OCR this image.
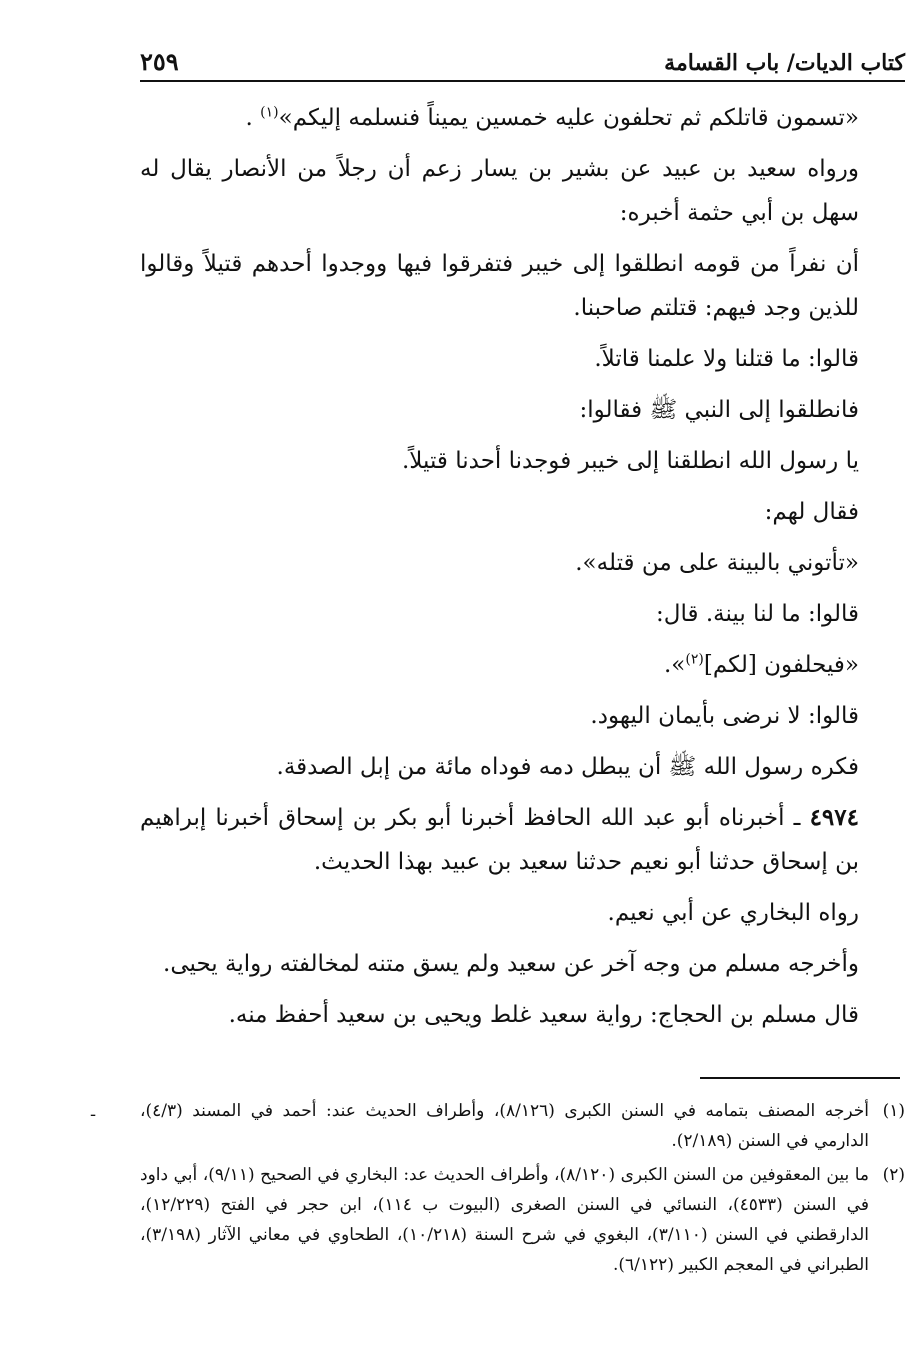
كتاب الديات/ باب القسامة
٢٥٩

«تسمون قاتلكم ثم تحلفون عليه خمسين يميناً فنسلمه إليكم»$^{(١)}$ .

ورواه سعيد بن عبيد عن بشير بن يسار زعم أن رجلاً من الأنصار يقال له سهل بن أبي حثمة أخبره:

أن نفراً من قومه انطلقوا إلى خيبر فتفرقوا فيها ووجدوا أحدهم قتيلاً وقالوا للذين وجد فيهم: قتلتم صاحبنا.

قالوا: ما قتلنا ولا علمنا قاتلاً.

فانطلقوا إلى النبي ﷺ فقالوا:

يا رسول الله انطلقنا إلى خيبر فوجدنا أحدنا قتيلاً.

فقال لهم:

«تأتوني بالبينة على من قتله».

قالوا: ما لنا بينة. قال:

«فيحلفون [لكم]$^{(٢)}$».

قالوا: لا نرضى بأيمان اليهود.

فكره رسول الله ﷺ أن يبطل دمه فوداه مائة من إبل الصدقة.

٤٩٧٤ ـ أخبرناه أبو عبد الله الحافظ أخبرنا أبو بكر بن إسحاق أخبرنا إبراهيم بن إسحاق حدثنا أبو نعيم حدثنا سعيد بن عبيد بهذا الحديث.

رواه البخاري عن أبي نعيم.

وأخرجه مسلم من وجه آخر عن سعيد ولم يسق متنه لمخالفته رواية يحيى.

قال مسلم بن الحجاج: رواية سعيد غلط ويحيى بن سعيد أحفظ منه.

-	(١)أخرجه المصنف بتمامه في السنن الكبرى (٨/١٢٦)، وأطراف الحديث عند: أحمد في المسند (٤/٣)، الدارمي في السنن (٢/١٨٩).

(٢)ما بين المعقوفين من السنن الكبرى (٨/١٢٠)، وأطراف الحديث عد: البخاري في الصحيح (٩/١١)، أبي داود في السنن (٤٥٣٣)، النسائي في السنن الصغرى (البيوت ب ١١٤)، ابن حجر في الفتح (١٢/٢٢٩)، الدارقطني في السنن (٣/١١٠)، البغوي في شرح السنة (١٠/٢١٨)، الطحاوي في معاني الآثار (٣/١٩٨)، الطبراني في المعجم الكبير (٦/١٢٢).
